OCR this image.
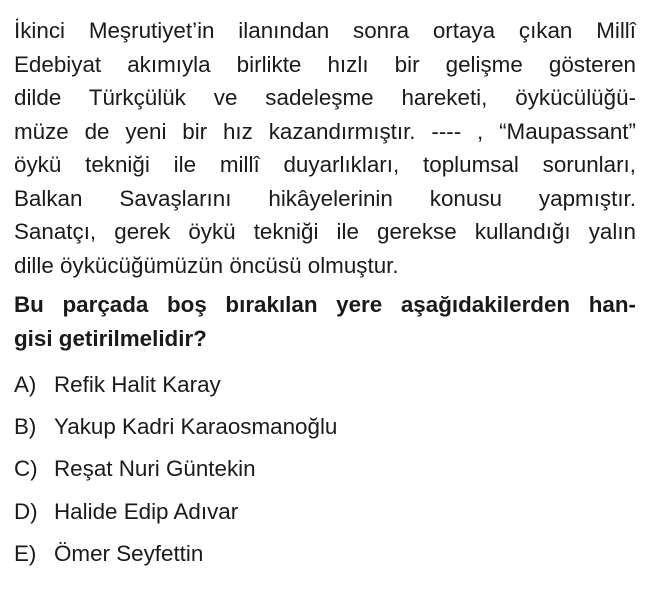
İkinci Meşrutiyet’in ilanından sonra ortaya çıkan Millî
Edebiyat akımıyla birlikte hızlı bir gelişme gösteren
dilde Türkçülük ve sadeleşme hareketi, öykücülüğü-
müze de yeni bir hız kazandırmıştır. ---- , “Maupassant”
öykü tekniği ile millî duyarlıkları, toplumsal sorunları,
Balkan Savaşlarını hikâyelerinin konusu yapmıştır.
Sanatçı, gerek öykü tekniği ile gerekse kullandığı yalın
dille öykücüğümüzün öncüsü olmuştur.

Bu parçada boş bırakılan yere aşağıdakilerden han-
gisi getirilmelidir?

A) Refik Halit Karay
B) Yakup Kadri Karaosmanoğlu
C) Reşat Nuri Güntekin
D) Halide Edip Adıvar
E) Ömer Seyfettin
